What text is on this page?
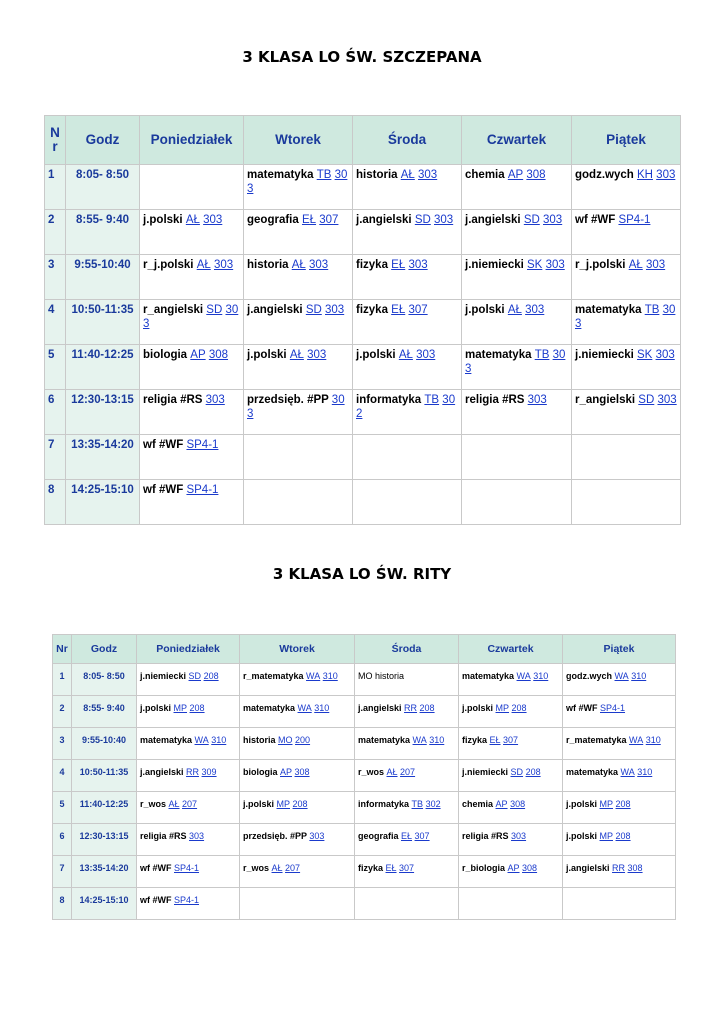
3 KLASA LO ŚW. SZCZEPANA
Nr	Godz	Poniedziałek	Wtorek	Środa	Czwartek	Piątek
1	8:05- 8:50		matematyka TB 303	historia AŁ 303	chemia AP 308	godz.wych KH 303
2	8:55- 9:40	j.polski AŁ 303	geografia EŁ 307	j.angielski SD 303	j.angielski SD 303	wf #WF SP4-1
3	9:55-10:40	r_j.polski AŁ 303	historia AŁ 303	fizyka EŁ 303	j.niemiecki SK 303	r_j.polski AŁ 303
4	10:50-11:35	r_angielski SD 303	j.angielski SD 303	fizyka EŁ 307	j.polski AŁ 303	matematyka TB 303
5	11:40-12:25	biologia AP 308	j.polski AŁ 303	j.polski AŁ 303	matematyka TB 303	j.niemiecki SK 303
6	12:30-13:15	religia #RS 303	przedsięb. #PP 303	informatyka TB 302	religia #RS 303	r_angielski SD 303
7	13:35-14:20	wf #WF SP4-1				
8	14:25-15:10	wf #WF SP4-1				
3 KLASA LO ŚW. RITY
Nr	Godz	Poniedziałek	Wtorek	Środa	Czwartek	Piątek
1	8:05- 8:50	j.niemiecki SD 208	r_matematyka WA 310	MO historia	matematyka WA 310	godz.wych WA 310
2	8:55- 9:40	j.polski MP 208	matematyka WA 310	j.angielski RR 208	j.polski MP 208	wf #WF SP4-1
3	9:55-10:40	matematyka WA 310	historia MO 200	matematyka WA 310	fizyka EŁ 307	r_matematyka WA 310
4	10:50-11:35	j.angielski RR 309	biologia AP 308	r_wos AŁ 207	j.niemiecki SD 208	matematyka WA 310
5	11:40-12:25	r_wos AŁ 207	j.polski MP 208	informatyka TB 302	chemia AP 308	j.polski MP 208
6	12:30-13:15	religia #RS 303	przedsięb. #PP 303	geografia EŁ 307	religia #RS 303	j.polski MP 208
7	13:35-14:20	wf #WF SP4-1	r_wos AŁ 207	fizyka EŁ 307	r_biologia AP 308	j.angielski RR 308
8	14:25-15:10	wf #WF SP4-1				
